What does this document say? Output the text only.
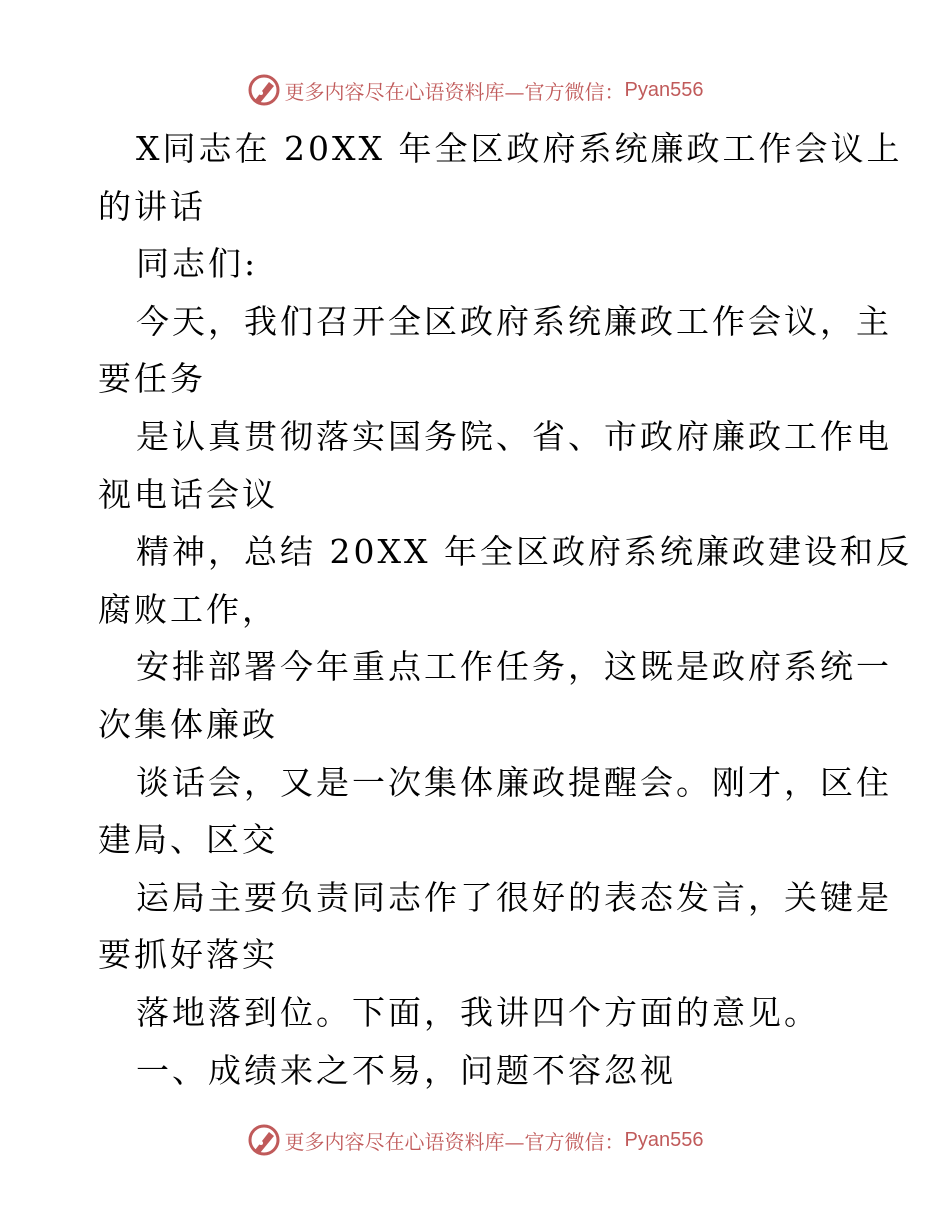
更多内容尽在心语资料库—官方微信： Pyan556
X同志在 20XX 年全区政府系统廉政工作会议上
的讲话
同志们:
今天，我们召开全区政府系统廉政工作会议，主
要任务
是认真贯彻落实国务院、省、市政府廉政工作电
视电话会议
精神，总结 20XX 年全区政府系统廉政建设和反
腐败工作，
安排部署今年重点工作任务，这既是政府系统一
次集体廉政
谈话会，又是一次集体廉政提醒会。刚才，区住
建局、区交
运局主要负责同志作了很好的表态发言，关键是
要抓好落实
落地落到位。下面，我讲四个方面的意见。
一、成绩来之不易，问题不容忽视
更多内容尽在心语资料库—官方微信： Pyan556
